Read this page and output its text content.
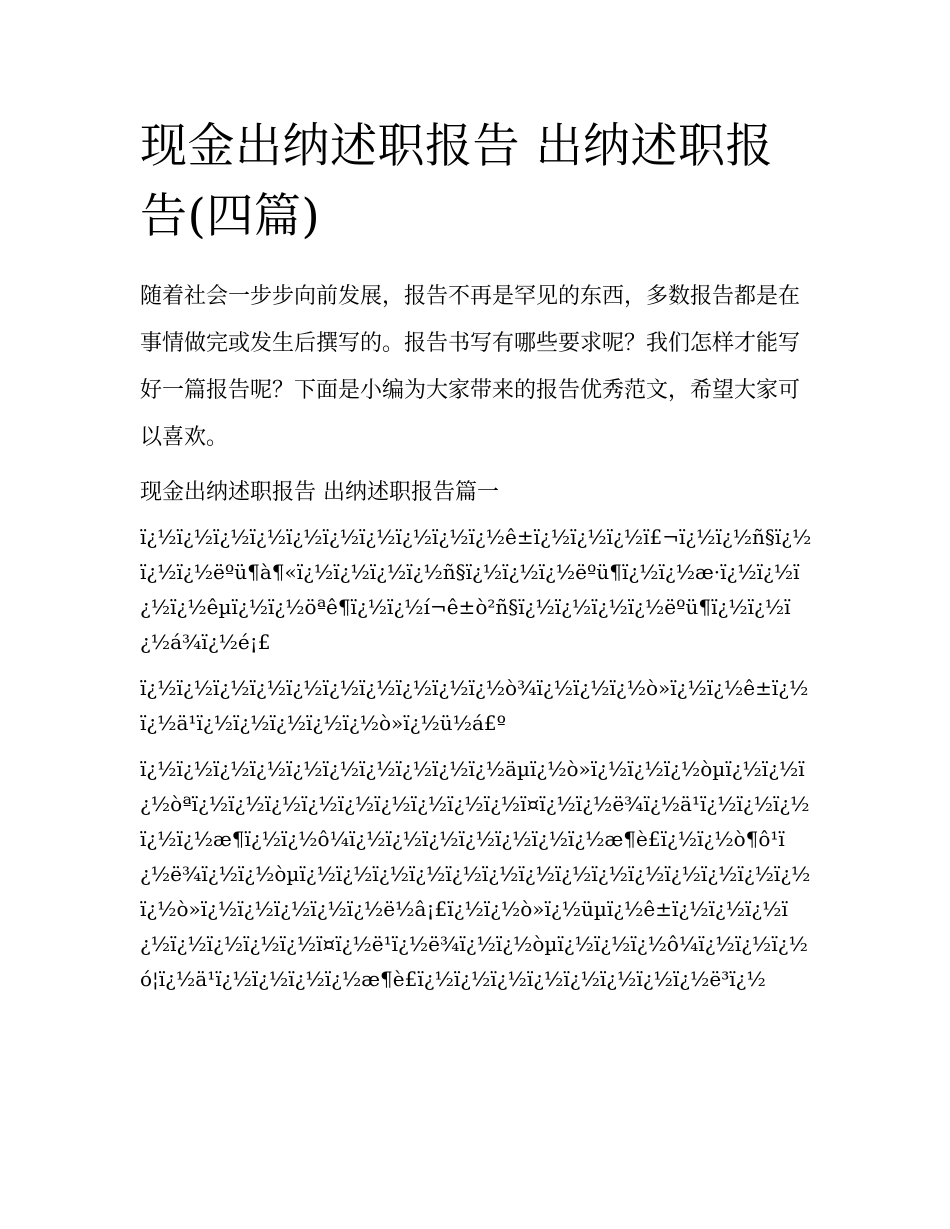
现金出纳述职报告 出纳述职报告(四篇)

随着社会一步步向前发展，报告不再是罕见的东西，多数报告都是在事情做完或发生后撰写的。报告书写有哪些要求呢？我们怎样才能写好一篇报告呢？下面是小编为大家带来的报告优秀范文，希望大家可以喜欢。

现金出纳述职报告 出纳述职报告篇一

ï¿½ï¿½ï¿½ï¿½ï¿½ï¿½ï¿½ï¿½ï¿½ï¿½ê±ï¿½ï¿½ï¿½ï£¬ï¿½ï¿½ñ§ï¿½ï¿½ï¿½ëºü¶à¶«ï¿½ï¿½ï¿½ï¿½ñ§ï¿½ï¿½ï¿½ëºü¶ï¿½ï¿½æ·ï¿½ï¿½ï¿½ï¿½êµï¿½ï¿½öªê¶ï¿½ï¿½í¬ê±ò²ñ§ï¿½ï¿½ï¿½ï¿½ëºü¶ï¿½ï¿½ï¿½á¾ï¿½é¡£

ï¿½ï¿½ï¿½ï¿½ï¿½ï¿½ï¿½ï¿½ï¿½ï¿½ò¾ï¿½ï¿½ï¿½ò»ï¿½ï¿½ê±ï¿½ï¿½ä¹ï¿½ï¿½ï¿½ï¿½ï¿½ò»ï¿½ü½á£º

ï¿½ï¿½ï¿½ï¿½ï¿½ï¿½ï¿½ï¿½ï¿½ï¿½äµï¿½ò»ï¿½ï¿½ï¿½òµï¿½ï¿½ï¿½òªï¿½ï¿½ï¿½ï¿½ï¿½ï¿½ï¿½ï¿½ï¿½ï¤ï¿½ï¿½ë¾ï¿½ä¹ï¿½ï¿½ï¿½ï¿½ï¿½æ¶ï¿½ï¿½ô¼ï¿½ï¿½ï¿½ï¿½ï¿½ï¿½ï¿½æ¶è£ï¿½ï¿½ò¶ô¹ï¿½ë¾ï¿½ï¿½òµï¿½ï¿½ï¿½ï¿½ï¿½ï¿½ï¿½ï¿½ï¿½ï¿½ï¿½ï¿½ï¿½ï¿½ï¿½ò»ï¿½ï¿½ï¿½ï¿½ï¿½ë½â¡£ï¿½ï¿½ò»ï¿½üµï¿½ê±ï¿½ï¿½ï¿½ï¿½ï¿½ï¿½ï¿½ï¿½ï¤ï¿½ë¹ï¿½ë¾ï¿½ï¿½òµï¿½ï¿½ï¿½ô¼ï¿½ï¿½ï¿½ó¦ï¿½ä¹ï¿½ï¿½ï¿½ï¿½æ¶è£ï¿½ï¿½ï¿½ï¿½ï¿½ï¿½ï¿½ï¿½ë³ï¿½
